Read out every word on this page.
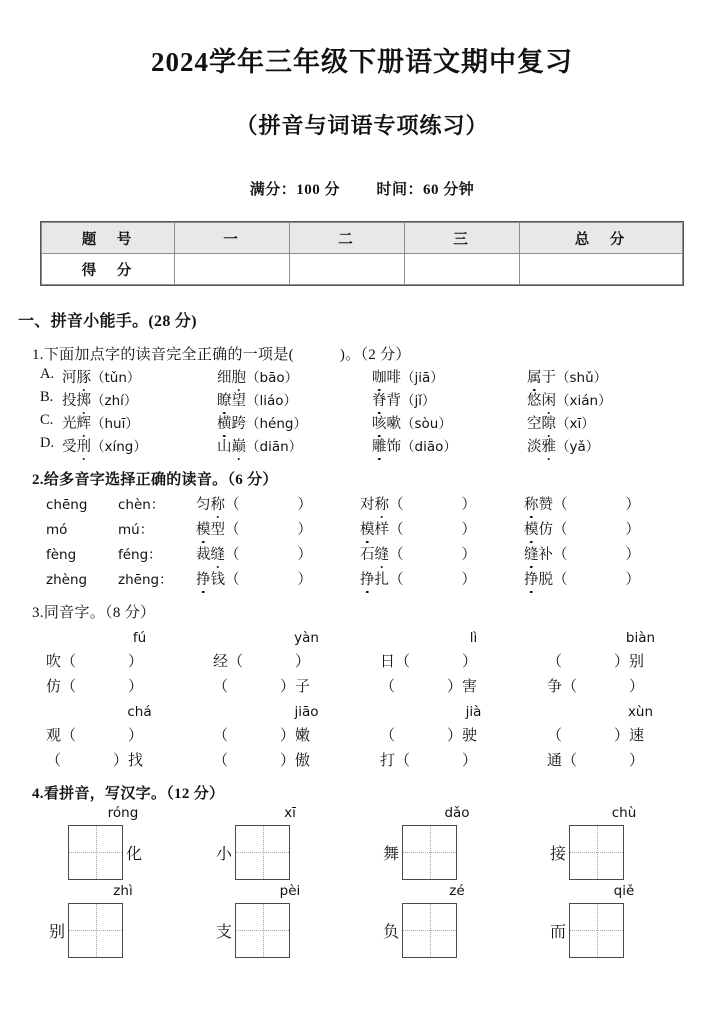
2024学年三年级下册语文期中复习
（拼音与词语专项练习）
满分：100 分 时间：60 分钟
题　号	一	二	三	总　分
得　分				
一、拼音小能手。(28 分)
1.下面加点字的读音完全正确的一项是(　　　)。（2 分）
A. 河豚（tǔn）	细胞（bāo）	咖啡（jiā）	属于（shǔ）
B. 投掷（zhí）	瞭望（liáo）	脊背（jǐ）	悠闲（xián）
C. 光辉（huī）	横跨（héng）	咳嗽（sòu）	空隙（xī）
D. 受刑（xíng）	山巅（diān）	雕饰（diāo）	淡雅（yǎ）
2.给多音字选择正确的读音。（6 分）
chēng	chèn：	匀称（	）	对称（	）	称赞（	）
mó	mú：	模型（	）	模样（	）	模仿（	）
fèng	féng：	裁缝（	）	石缝（	）	缝补（	）
zhèng	zhēng：	挣钱（	）	挣扎（	）	挣脱（	）
3.同音字。（8 分）
fú	yàn	lì	biàn
吹（	）	经（	）	日（	）	（	）别
仿（	）	（	）子	（	）害	争（	）
chá	jiāo	jià	xùn
观（	）	（	）嫩	（	）驶	（	）速
（	）找	（	）傲	打（	）	通（	）
4.看拼音，写汉字。（12 分）
róng	xī	dǎo	chù
化	小	舞	接
zhì	pèi	zé	qiě
别	支	负	而
